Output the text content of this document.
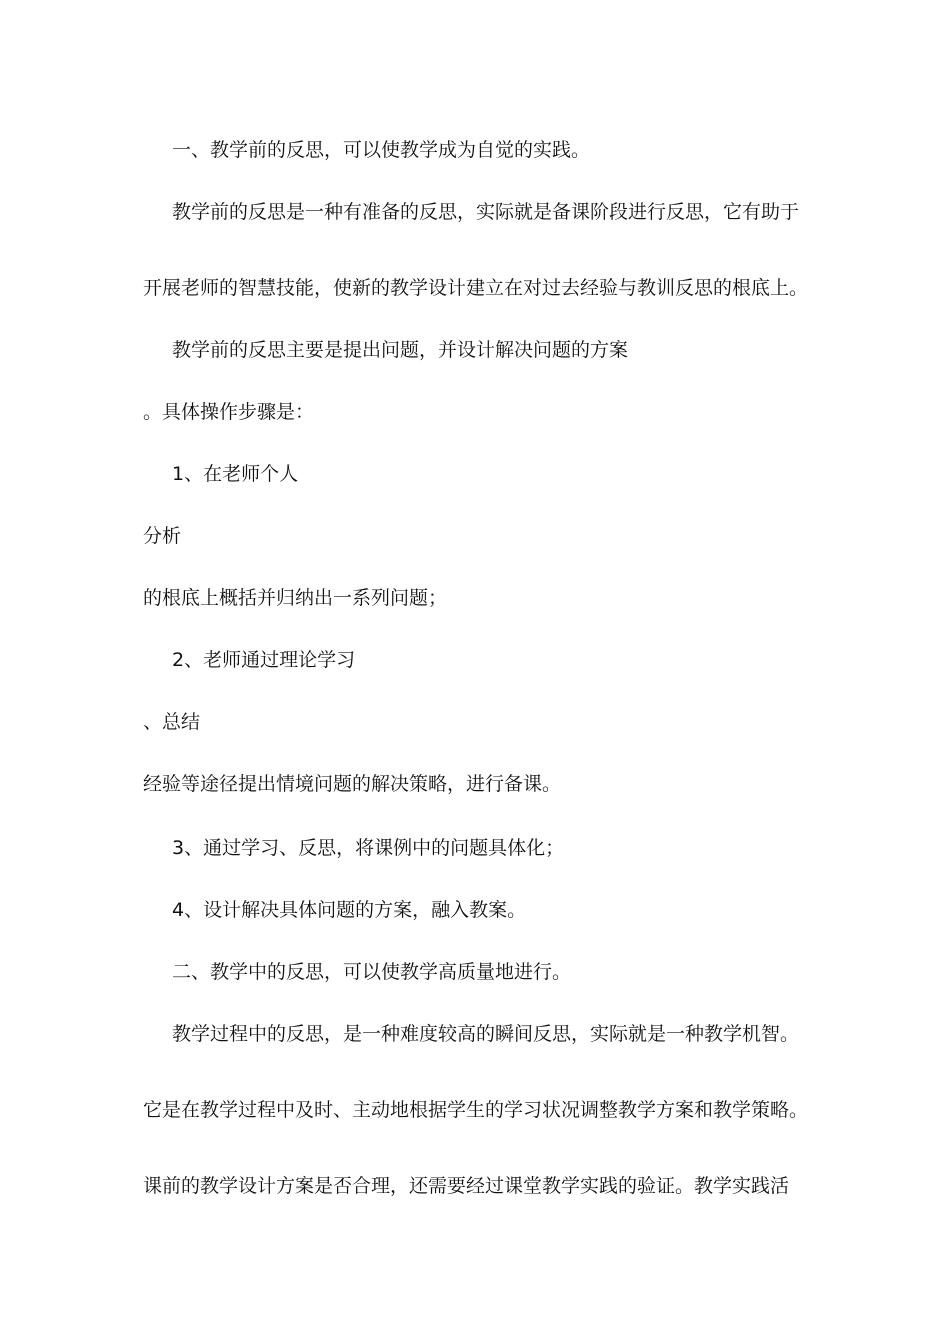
一、教学前的反思，可以使教学成为自觉的实践。

教学前的反思是一种有准备的反思，实际就是备课阶段进行反思，它有助于

开展老师的智慧技能，使新的教学设计建立在对过去经验与教训反思的根底上。

教学前的反思主要是提出问题，并设计解决问题的方案

。具体操作步骤是：

1、在老师个人

分析

的根底上概括并归纳出一系列问题；

2、老师通过理论学习

、总结

经验等途径提出情境问题的解决策略，进行备课。

3、通过学习、反思，将课例中的问题具体化；

4、设计解决具体问题的方案，融入教案。

二、教学中的反思，可以使教学高质量地进行。

教学过程中的反思，是一种难度较高的瞬间反思，实际就是一种教学机智。

它是在教学过程中及时、主动地根据学生的学习状况调整教学方案和教学策略。

课前的教学设计方案是否合理，还需要经过课堂教学实践的验证。教学实践活
